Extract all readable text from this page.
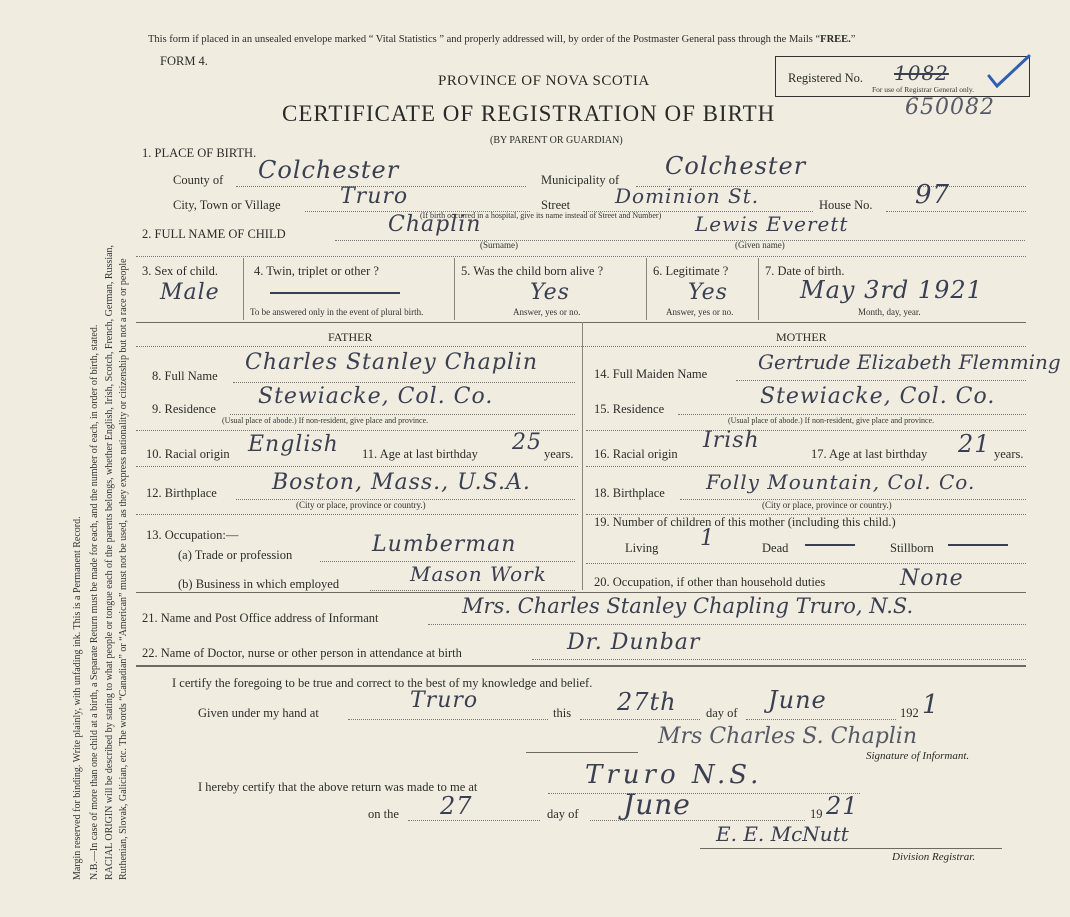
Margin reserved for binding. Write plainly, with unfading ink. This is a Permanent Record. N.B.—In case of more than one child at a birth, a Separate Return must be made for each, and the number of each, in order of birth, stated. RACIAL ORIGIN will be described by stating to what people or tongue each of the parents belongs, whether English, Irish, Scotch, French, German, Russian, Ruthenian, Slovak, Galician, etc. The words “Canadian” or “American” must not be used, as they express nationality or citizenship but not a race or people
This form if placed in an unsealed envelope marked “ Vital Statistics ” and properly addressed will, by order of the Postmaster General pass through the Mails “FREE.”
FORM 4.
PROVINCE OF NOVA SCOTIA
CERTIFICATE OF REGISTRATION OF BIRTH
(BY PARENT OR GUARDIAN)
Registered No. 1082
For use of Registrar General only.
650082
1. PLACE OF BIRTH.
County of Colchester	Municipality of Colchester
City, Town or Village	Truro	Street Dominion St.	House No. 97
(If birth occurred in a hospital, give its name instead of Street and Number)
2. FULL NAME OF CHILD	Chaplin
(Surname)
Lewis Everett
(Given name)
3. Sex of child.
Male
4. Twin, triplet or other ?
To be answered only in the event of plural birth.
5. Was the child born alive ?
Yes
Answer, yes or no.
6. Legitimate ?
Yes
Answer, yes or no.
7. Date of birth.
May 3rd 1921
Month, day, year.
FATHER	MOTHER
8. Full Name
Charles Stanley Chaplin
9. Residence Stewiacke, Col. Co.
(Usual place of abode.) If non-resident, give place and province.
10. Racial origin English 11. Age at last birthday 25 years.
12. Birthplace	Boston, Mass., U.S.A.
(City or place, province or country.)
13. Occupation:—
(a) Trade or profession	Lumberman
(b) Business in which employed	Mason Work
14. Full Maiden Name	Gertrude Elizabeth Flemming
15. Residence	Stewiacke, Col. Co.
(Usual place of abode.) If non-resident, give place and province.
16. Racial origin
Irish
17. Age at last birthday 21 years.
18. Birthplace Folly Mountain, Col. Co.
(City or place, province or country.)
19. Number of children of this mother (including this child.)
Living 1	Dead	Stillborn
20. Occupation, if other than household duties	None
21. Name and Post Office address of Informant	Mrs. Charles Stanley Chapling Truro, N.S.
22. Name of Doctor, nurse or other person in attendance at birth	Dr. Dunbar
I certify the foregoing to be true and correct to the best of my knowledge and belief.
Given under my hand at	Truro	this 27th day of June	192 1
Mrs Charles S. Chaplin
Signature of Informant.
I hereby certify that the above return was made to me at	Truro N.S.
on the 27	day of June	19 21
E. E. McNutt
Division Registrar.
